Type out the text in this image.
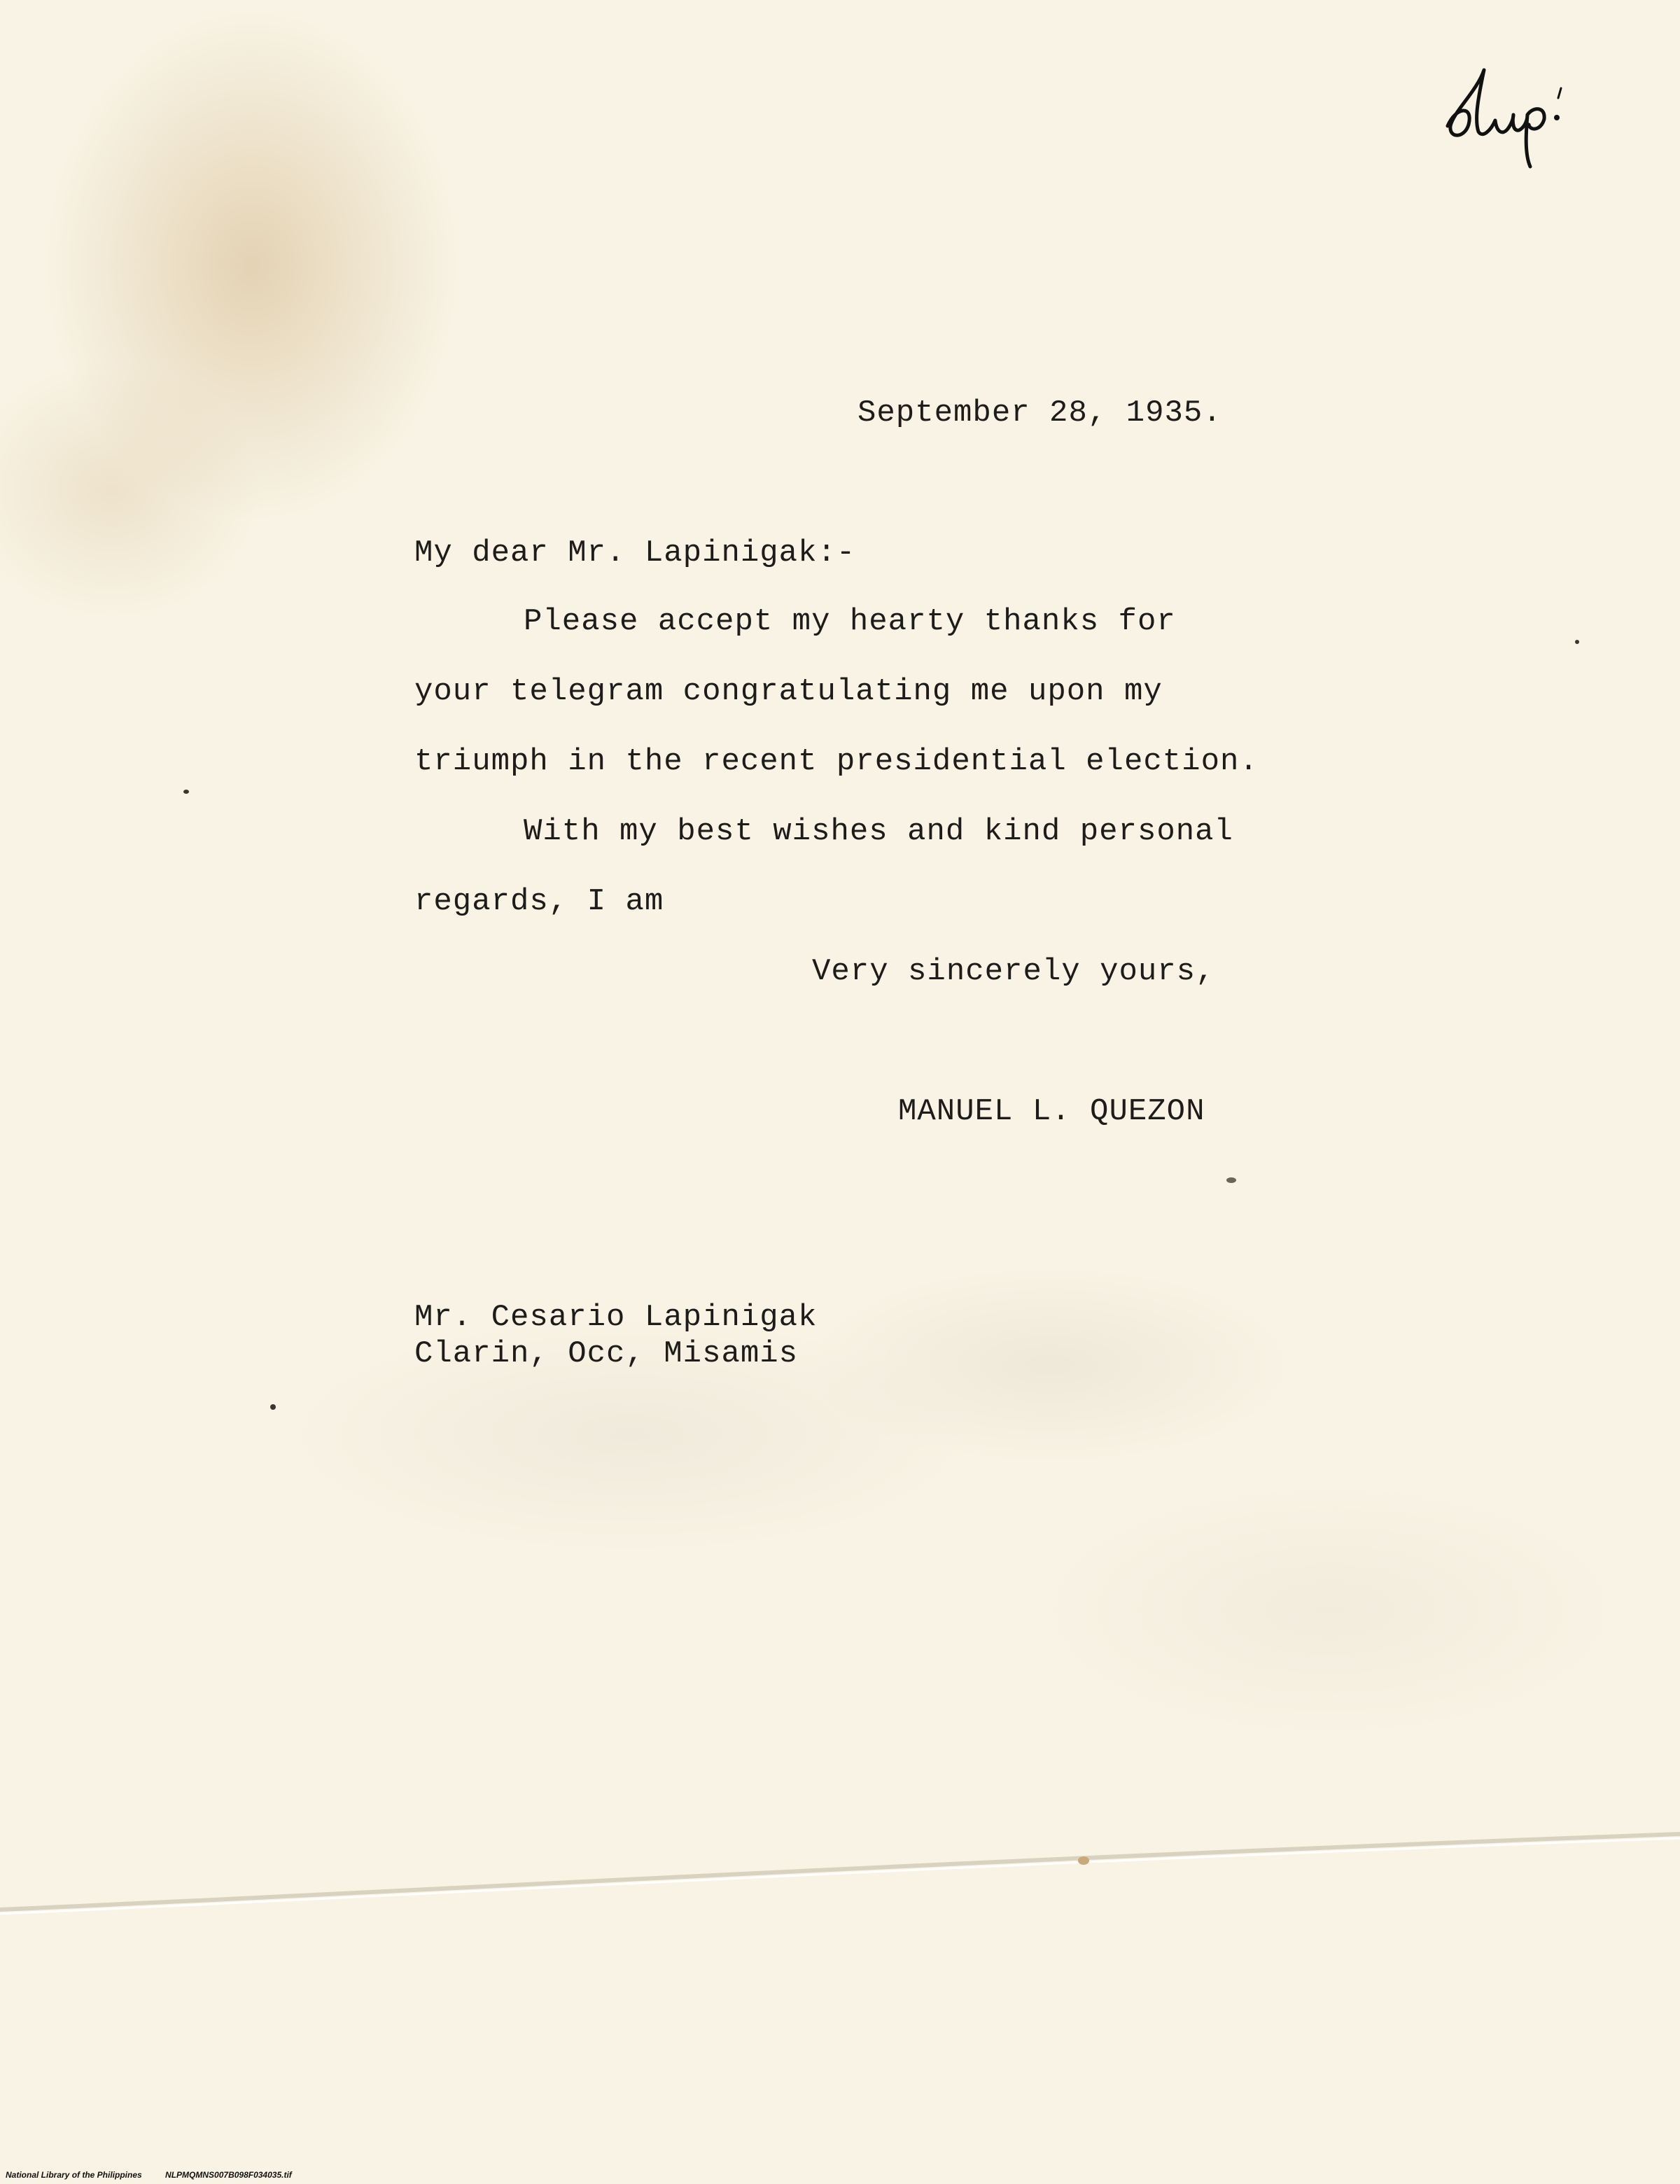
September 28, 1935.
My dear Mr. Lapinigak:-
Please accept my hearty thanks for
your telegram congratulating me upon my
triumph in the recent presidential election.
With my best wishes and kind personal
regards, I am
Very sincerely yours,
MANUEL L. QUEZON
Mr. Cesario Lapinigak
Clarin, Occ, Misamis
National Library of the Philippines	NLPMQMNS007B098F034035.tif
